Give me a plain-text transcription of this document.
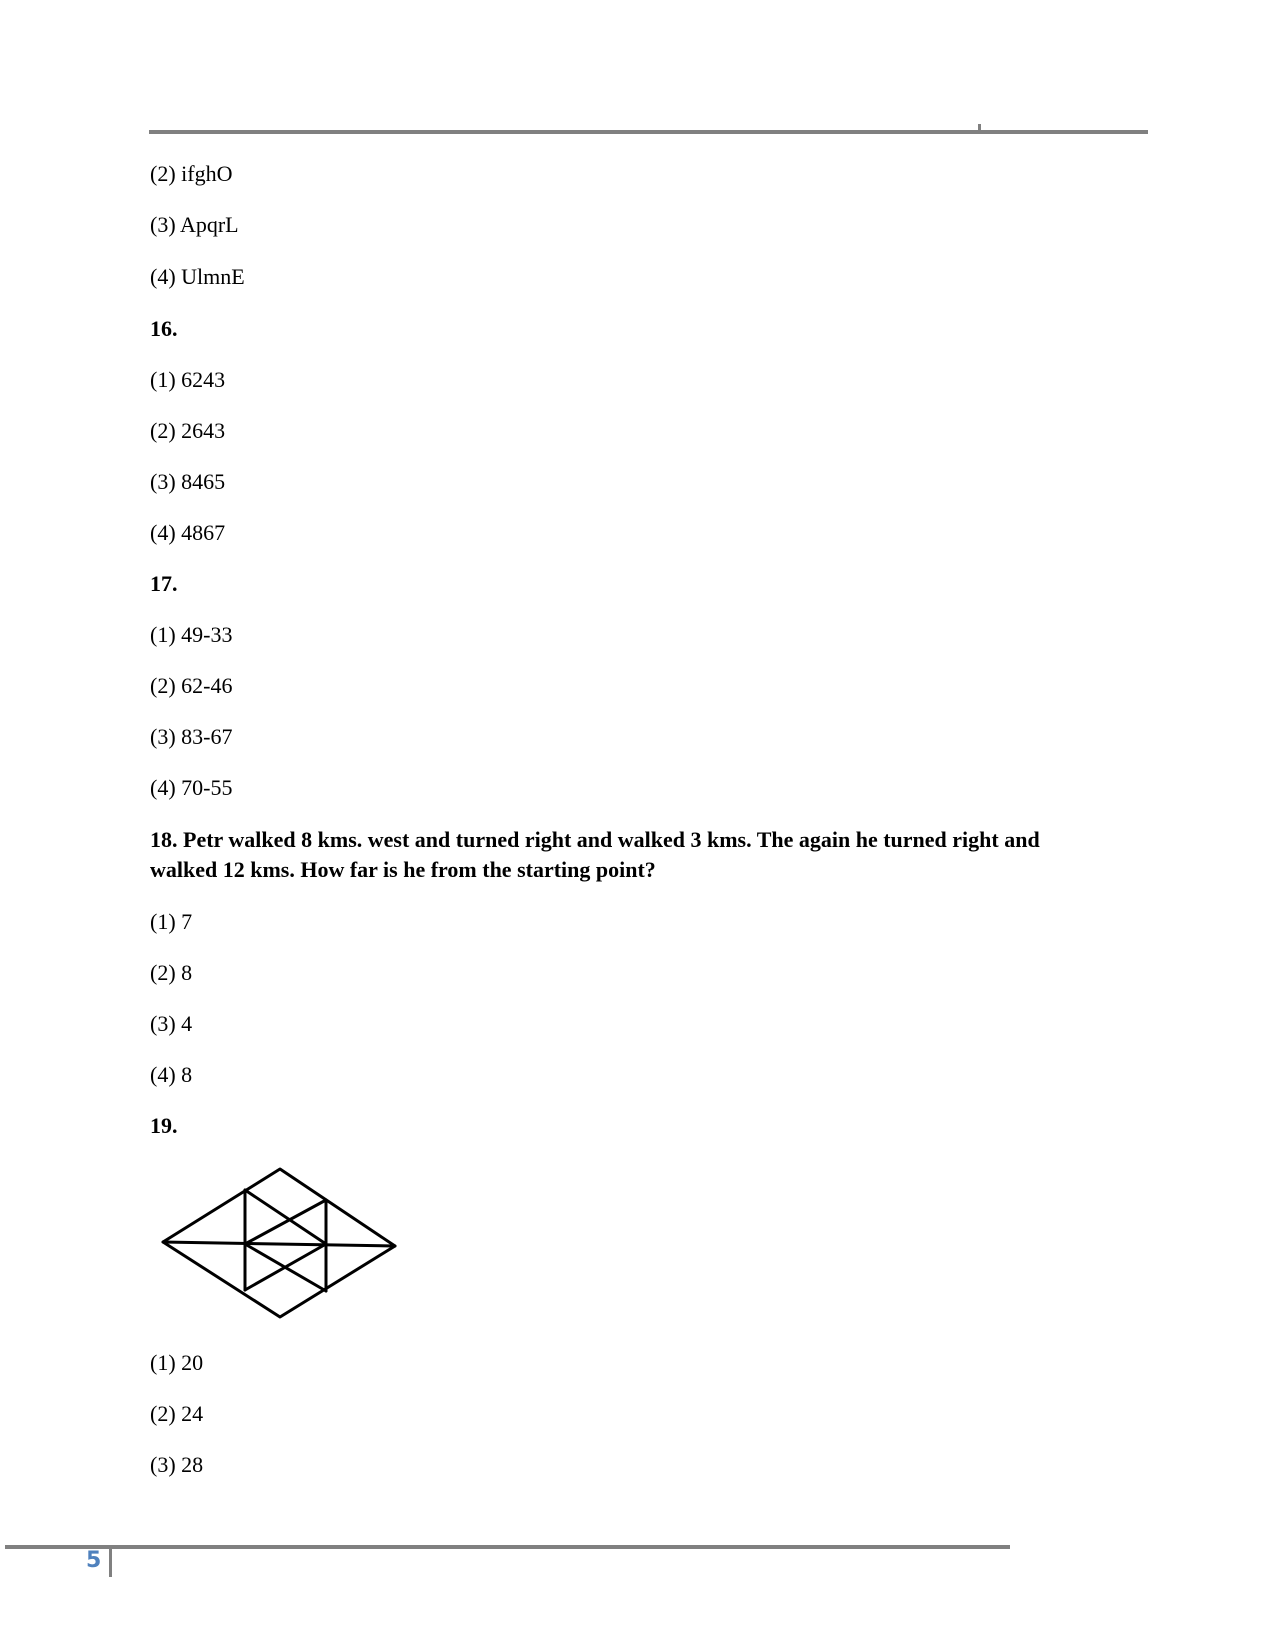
(2) ifghO
(3) ApqrL
(4) UlmnE
16.
(1) 6243
(2) 2643
(3) 8465
(4) 4867
17.
(1) 49-33
(2) 62-46
(3) 83-67
(4) 70-55
18. Petr walked 8 kms. west and turned right and walked 3 kms. The again he turned right and walked 12 kms. How far is he from the starting point?
(1) 7
(2) 8
(3) 4
(4) 8
19.
(1) 20
(2) 24
(3) 28
5
